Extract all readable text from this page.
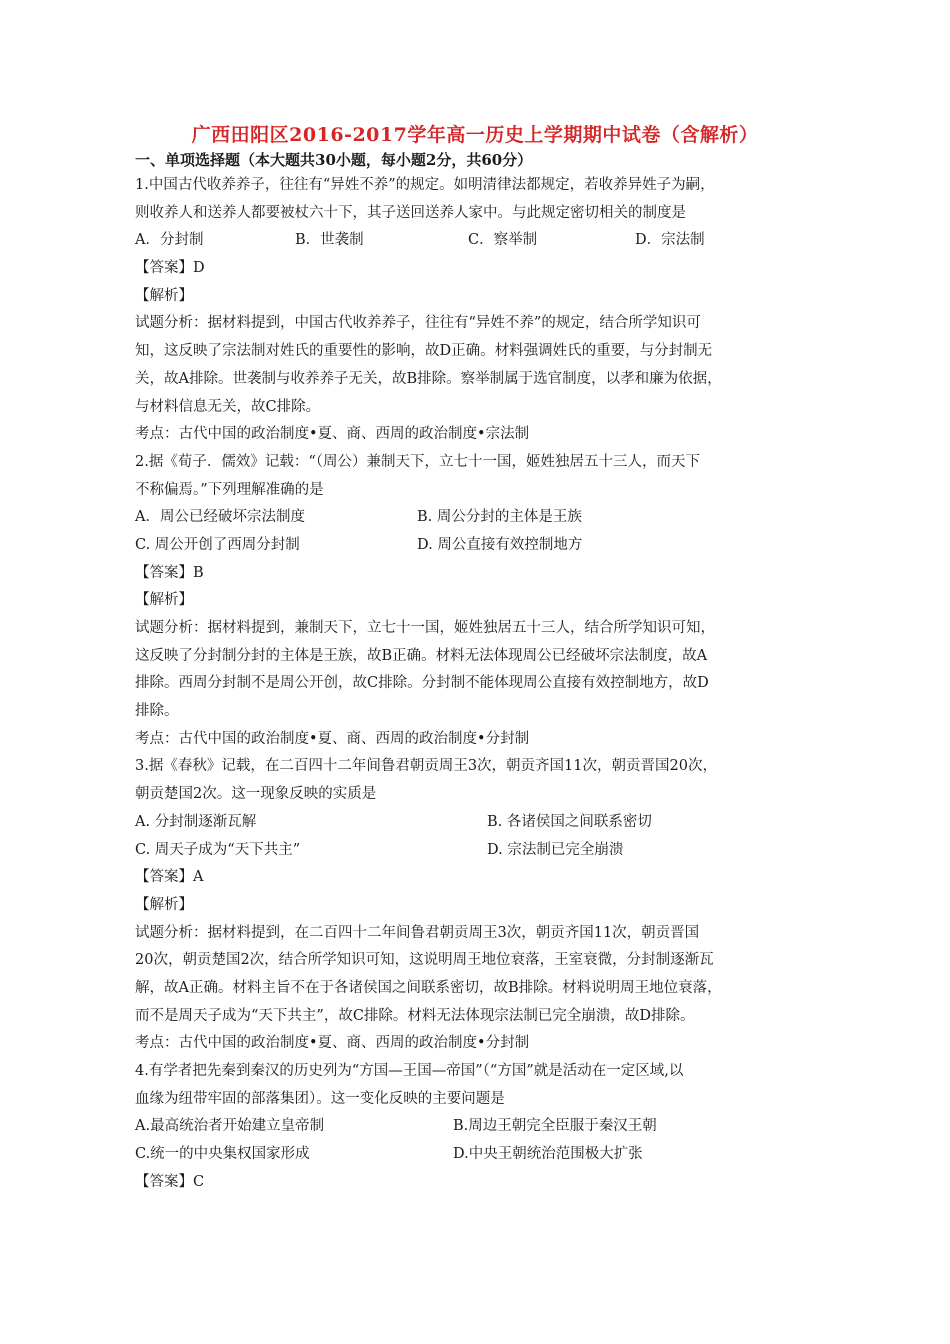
广西田阳区2016-2017学年高一历史上学期期中试卷（含解析）
一、单项选择题（本大题共30小题，每小题2分，共60分）
1.中国古代收养养子，往往有“异姓不养”的规定。如明清律法都规定，若收养异姓子为嗣，
则收养人和送养人都要被杖六十下，其子送回送养人家中。与此规定密切相关的制度是
A．分封制	B．世袭制	C．察举制	D．宗法制
【答案】D
【解析】
试题分析：据材料提到，中国古代收养养子，往往有“异姓不养”的规定，结合所学知识可
知，这反映了宗法制对姓氏的重要性的影响，故D正确。材料强调姓氏的重要，与分封制无
关，故A排除。世袭制与收养养子无关，故B排除。察举制属于选官制度，以孝和廉为依据，
与材料信息无关，故C排除。
考点：古代中国的政治制度•夏、商、西周的政治制度•宗法制
2.据《荀子．儒效》记载：“（周公）兼制天下，立七十一国，姬姓独居五十三人，而天下
不称偏焉。”下列理解准确的是
A．周公已经破坏宗法制度	B. 周公分封的主体是王族
C. 周公开创了西周分封制	D. 周公直接有效控制地方
【答案】B
【解析】
试题分析：据材料提到，兼制天下，立七十一国，姬姓独居五十三人，结合所学知识可知，
这反映了分封制分封的主体是王族，故B正确。材料无法体现周公已经破坏宗法制度，故A
排除。西周分封制不是周公开创，故C排除。分封制不能体现周公直接有效控制地方，故D
排除。
考点：古代中国的政治制度•夏、商、西周的政治制度•分封制
3.据《春秋》记载，在二百四十二年间鲁君朝贡周王3次，朝贡齐国11次，朝贡晋国20次，
朝贡楚国2次。这一现象反映的实质是
A. 分封制逐渐瓦解	B. 各诸侯国之间联系密切
C. 周天子成为“天下共主”	D. 宗法制已完全崩溃
【答案】A
【解析】
试题分析：据材料提到，在二百四十二年间鲁君朝贡周王3次，朝贡齐国11次，朝贡晋国
20次，朝贡楚国2次，结合所学知识可知，这说明周王地位衰落，王室衰微，分封制逐渐瓦
解，故A正确。材料主旨不在于各诸侯国之间联系密切，故B排除。材料说明周王地位衰落，
而不是周天子成为“天下共主”，故C排除。材料无法体现宗法制已完全崩溃，故D排除。
考点：古代中国的政治制度•夏、商、西周的政治制度•分封制
4.有学者把先秦到秦汉的历史列为“方国—王国—帝国”（“方国”就是活动在一定区域,以
血缘为纽带牢固的部落集团）。这一变化反映的主要问题是
A.最高统治者开始建立皇帝制	B.周边王朝完全臣服于秦汉王朝
C.统一的中央集权国家形成	D.中央王朝统治范围极大扩张
【答案】C
